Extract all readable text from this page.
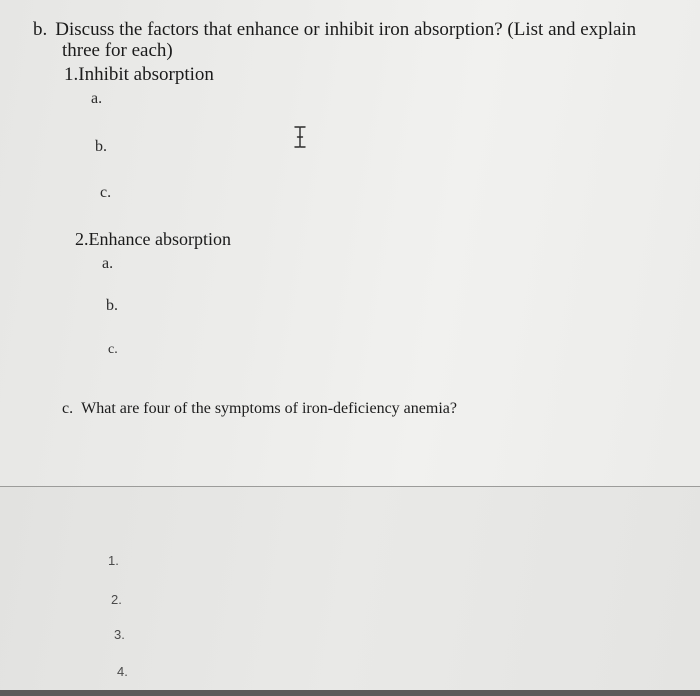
b. Discuss the factors that enhance or inhibit iron absorption? (List and explain
three for each)
1.Inhibit absorption
a.
b.
c.
2.Enhance absorption
a.
b.
c.
c. What are four of the symptoms of iron-deficiency anemia?
1.
2.
3.
4.
